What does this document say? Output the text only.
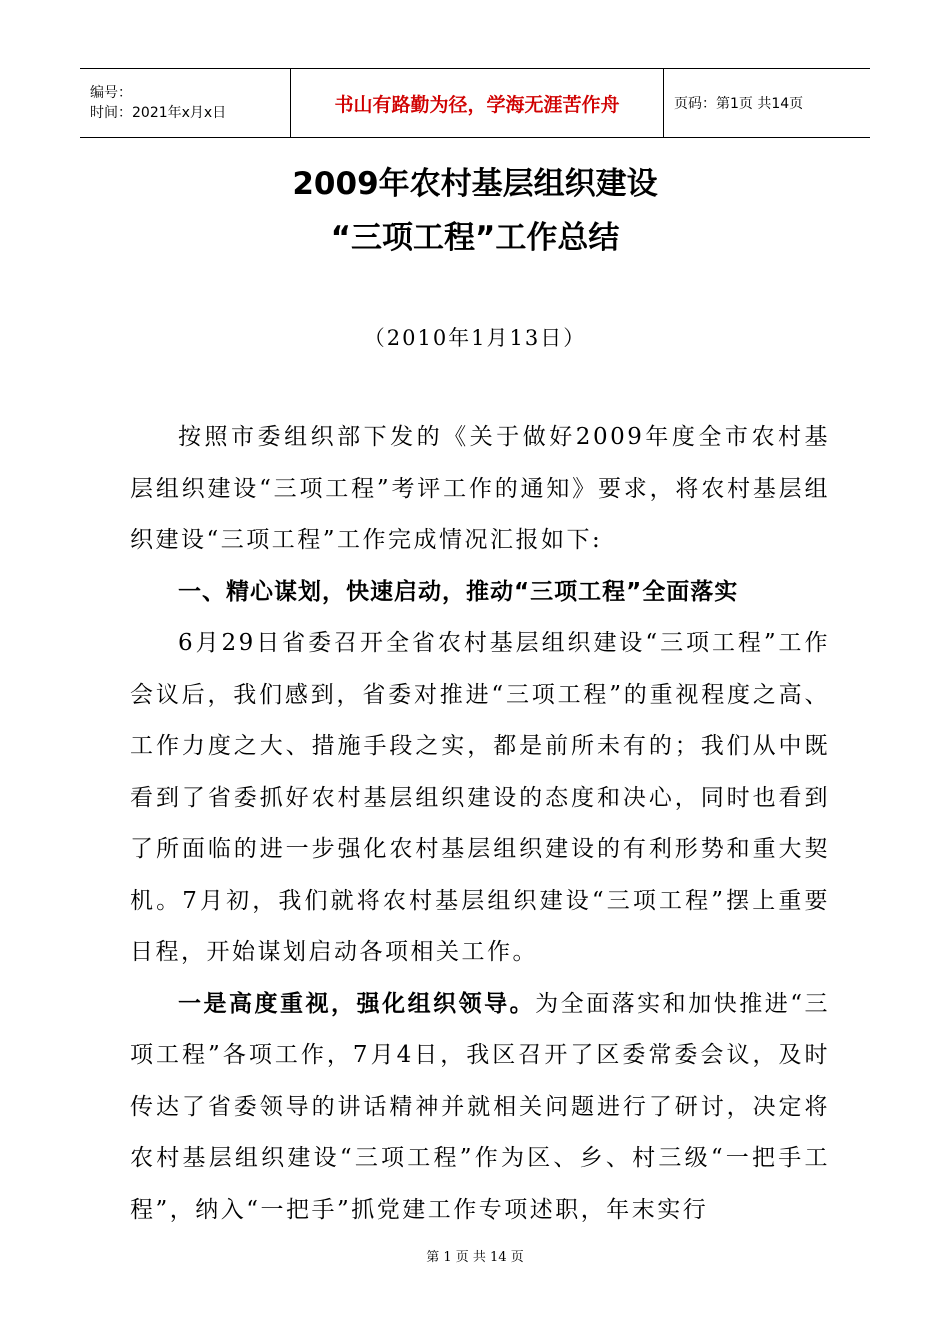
编号：
时间：2021年x月x日	书山有路勤为径，学海无涯苦作舟	页码：第1页 共14页
2009年农村基层组织建设
“三项工程”工作总结
（2010年1月13日）

按照市委组织部下发的《关于做好2009年度全市农村基层组织建设“三项工程”考评工作的通知》要求，将农村基层组织建设“三项工程”工作完成情况汇报如下:

一、精心谋划，快速启动，推动“三项工程”全面落实

6月29日省委召开全省农村基层组织建设“三项工程”工作会议后，我们感到，省委对推进“三项工程”的重视程度之高、工作力度之大、措施手段之实，都是前所未有的；我们从中既看到了省委抓好农村基层组织建设的态度和决心，同时也看到了所面临的进一步强化农村基层组织建设的有利形势和重大契机。7月初，我们就将农村基层组织建设“三项工程”摆上重要日程，开始谋划启动各项相关工作。

一是高度重视，强化组织领导。为全面落实和加快推进“三项工程”各项工作，7月4日，我区召开了区委常委会议，及时传达了省委领导的讲话精神并就相关问题进行了研讨，决定将农村基层组织建设“三项工程”作为区、乡、村三级“一把手工程”，纳入“一把手”抓党建工作专项述职，年末实行

第 1 页 共 14 页
